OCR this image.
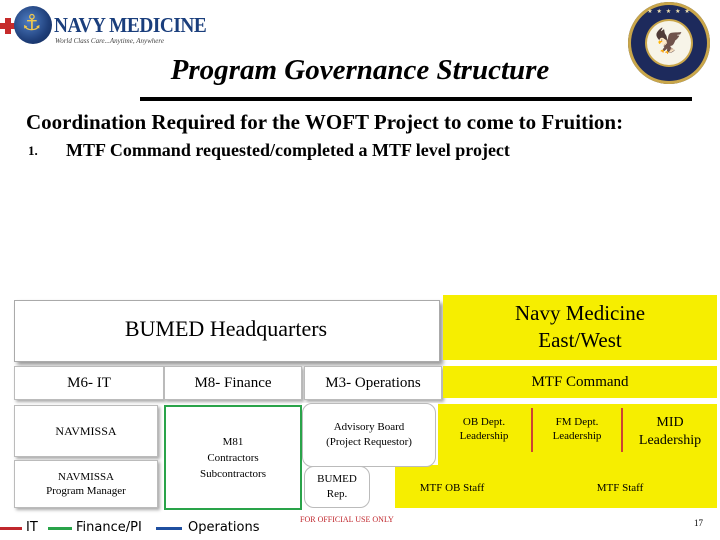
⚓ NAVY MEDICINE
World Class Care...Anytime, Anywhere
★ ★ ★ ★ ★
🦅
Program Governance Structure
Coordination Required for the WOFT Project to come to Fruition:
1. MTF Command requested/completed a MTF level project
BUMED Headquarters
Navy Medicine
East/West
M6- IT	M8- Finance	M3- Operations	MTF Command
NAVMISSA
NAVMISSA
Program Manager
M81
Contractors
Subcontractors
Advisory Board
(Project Requestor)
BUMED
Rep.
OB Dept.
Leadership
FM Dept.
Leadership
MID
Leadership
MTF OB Staff	MTF Staff
IT	Finance/PI	Operations
FOR OFFICIAL USE ONLY	17
